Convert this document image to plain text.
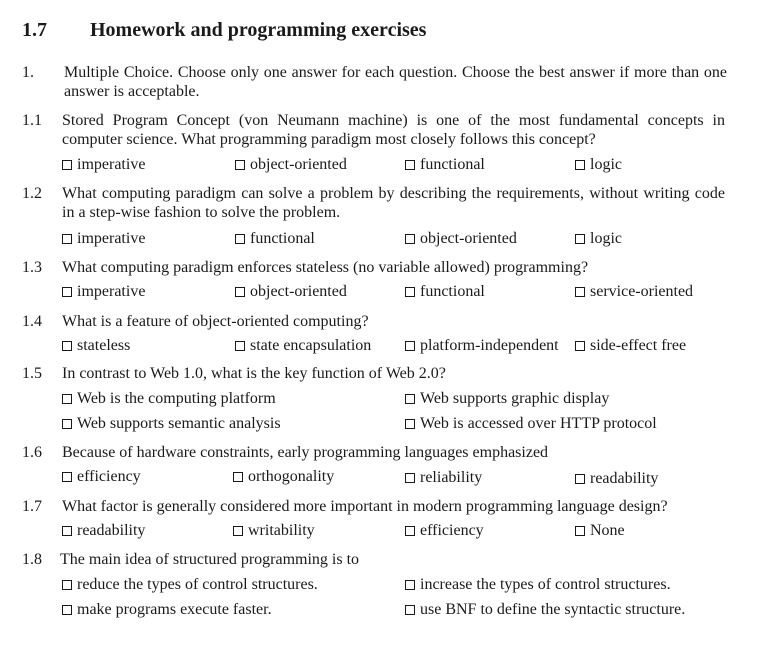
1.7 Homework and programming exercises
1. Multiple Choice. Choose only one answer for each question. Choose the best answer if more than one answer is acceptable.
1.1 Stored Program Concept (von Neumann machine) is one of the most fundamental concepts in computer science. What programming paradigm most closely follows this concept?
imperative	object-oriented	functional	logic
1.2 What computing paradigm can solve a problem by describing the requirements, without writing code in a step-wise fashion to solve the problem.
imperative	functional	object-oriented	logic
1.3 What computing paradigm enforces stateless (no variable allowed) programming?
imperative	object-oriented	functional	service-oriented
1.4 What is a feature of object-oriented computing?
stateless	state encapsulation	platform-independent	side-effect free
1.5 In contrast to Web 1.0, what is the key function of Web 2.0?
Web is the computing platform	Web supports graphic display
Web supports semantic analysis	Web is accessed over HTTP protocol
1.6 Because of hardware constraints, early programming languages emphasized
efficiency	orthogonality	reliability	readability
1.7 What factor is generally considered more important in modern programming language design?
readability	writability	efficiency	None
1.8 The main idea of structured programming is to
reduce the types of control structures.	increase the types of control structures.
make programs execute faster.	use BNF to define the syntactic structure.
